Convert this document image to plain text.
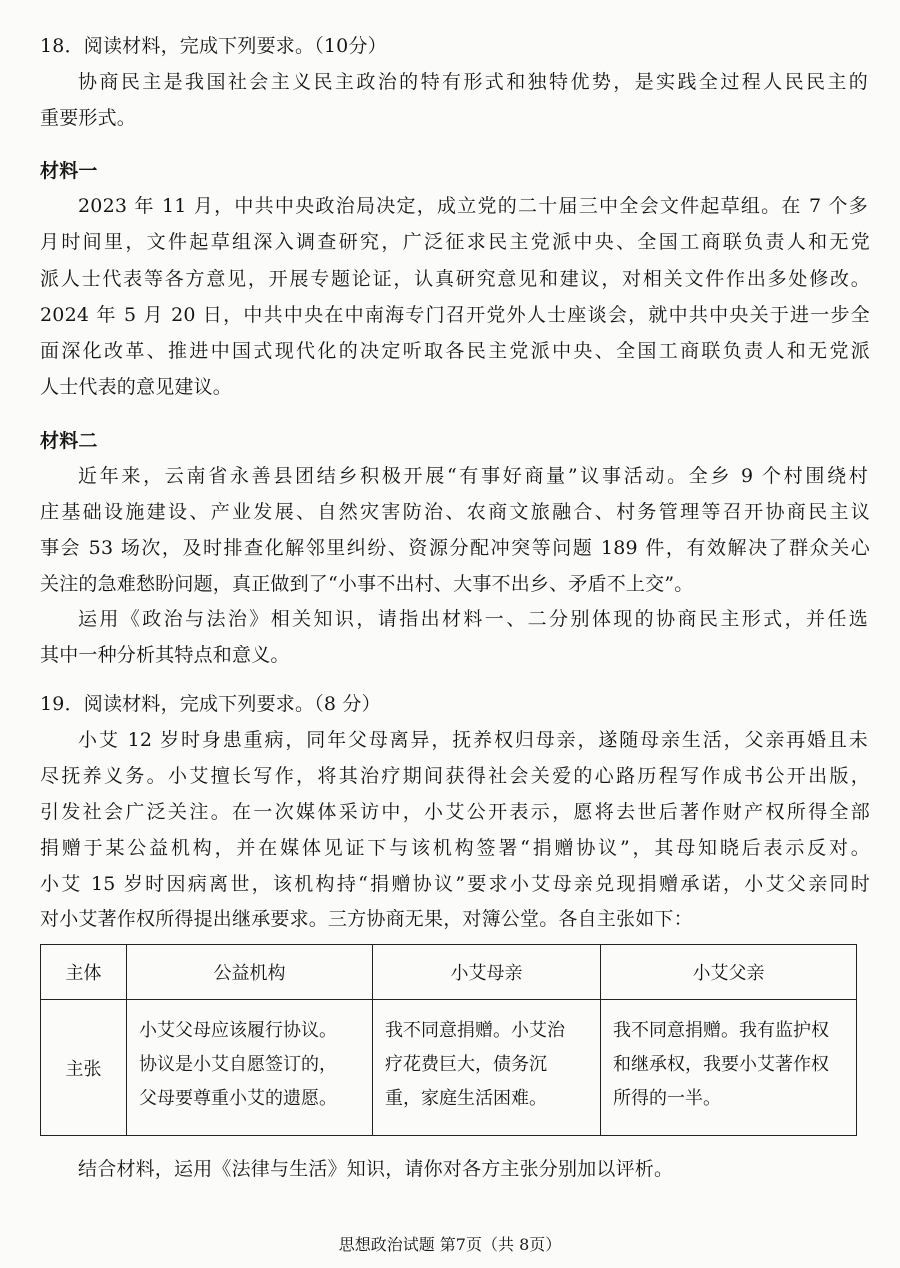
18．阅读材料，完成下列要求。（10分）
协商民主是我国社会主义民主政治的特有形式和独特优势，是实践全过程人民民主的
重要形式。
材料一
2023 年 11 月，中共中央政治局决定，成立党的二十届三中全会文件起草组。在 7 个多
月时间里，文件起草组深入调查研究，广泛征求民主党派中央、全国工商联负责人和无党
派人士代表等各方意见，开展专题论证，认真研究意见和建议，对相关文件作出多处修改。
2024 年 5 月 20 日，中共中央在中南海专门召开党外人士座谈会，就中共中央关于进一步全
面深化改革、推进中国式现代化的决定听取各民主党派中央、全国工商联负责人和无党派
人士代表的意见建议。
材料二
近年来，云南省永善县团结乡积极开展“有事好商量”议事活动。全乡 9 个村围绕村
庄基础设施建设、产业发展、自然灾害防治、农商文旅融合、村务管理等召开协商民主议
事会 53 场次，及时排查化解邻里纠纷、资源分配冲突等问题 189 件，有效解决了群众关心
关注的急难愁盼问题，真正做到了“小事不出村、大事不出乡、矛盾不上交”。
运用《政治与法治》相关知识，请指出材料一、二分别体现的协商民主形式，并任选
其中一种分析其特点和意义。
19．阅读材料，完成下列要求。（8 分）
小艾 12 岁时身患重病，同年父母离异，抚养权归母亲，遂随母亲生活，父亲再婚且未
尽抚养义务。小艾擅长写作，将其治疗期间获得社会关爱的心路历程写作成书公开出版，
引发社会广泛关注。在一次媒体采访中，小艾公开表示，愿将去世后著作财产权所得全部
捐赠于某公益机构，并在媒体见证下与该机构签署“捐赠协议”，其母知晓后表示反对。
小艾 15 岁时因病离世，该机构持“捐赠协议”要求小艾母亲兑现捐赠承诺，小艾父亲同时
对小艾著作权所得提出继承要求。三方协商无果，对簿公堂。各自主张如下：
主体	公益机构	小艾母亲	小艾父亲
主张	小艾父母应该履行协议。
协议是小艾自愿签订的，
父母要尊重小艾的遗愿。	我不同意捐赠。小艾治
疗花费巨大，债务沉
重，家庭生活困难。	我不同意捐赠。我有监护权
和继承权，我要小艾著作权
所得的一半。
结合材料，运用《法律与生活》知识，请你对各方主张分别加以评析。
思想政治试题 第7页（共 8页）
